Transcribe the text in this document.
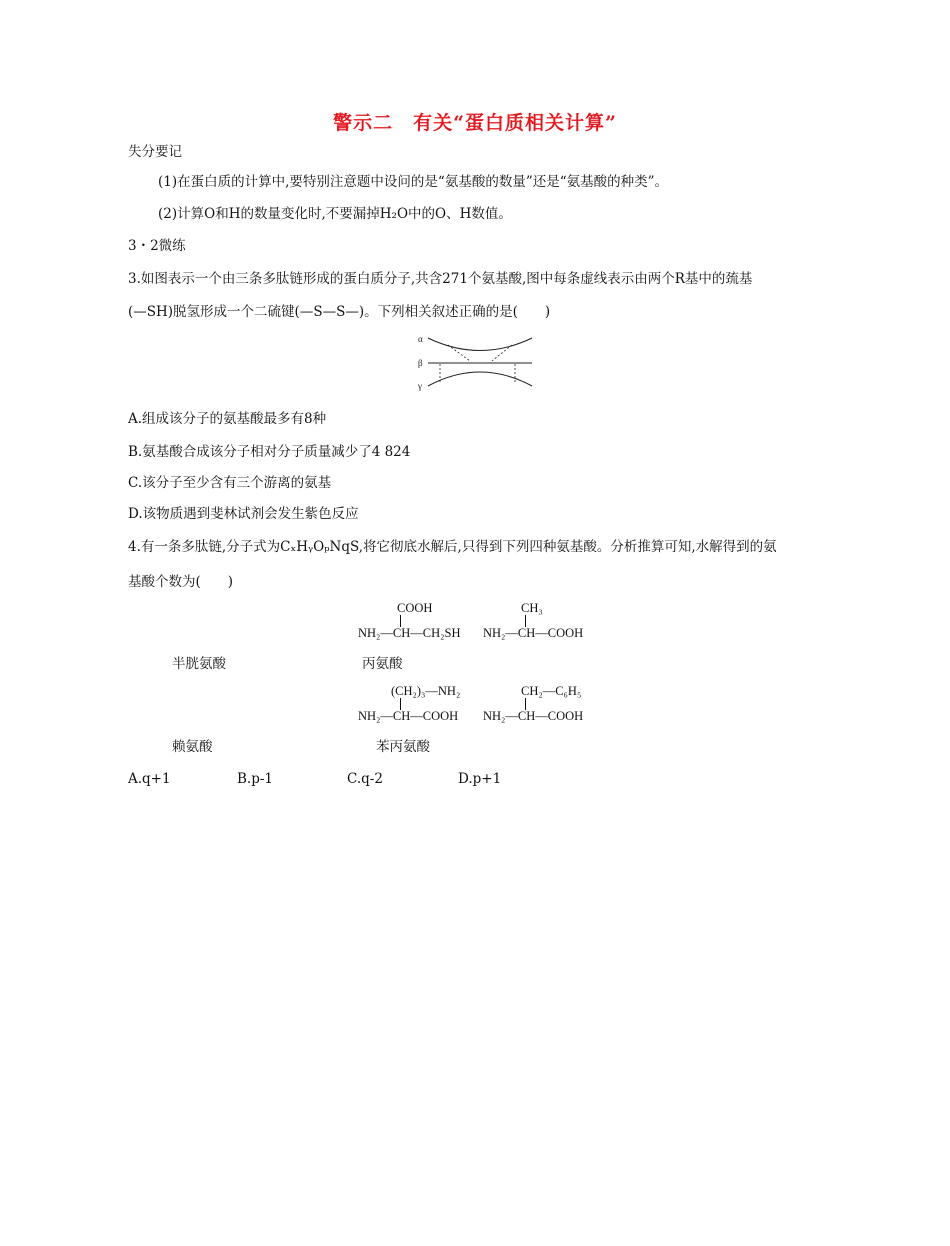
警示二　有关“蛋白质相关计算”
失分要记
(1)在蛋白质的计算中,要特别注意题中设问的是“氨基酸的数量”还是“氨基酸的种类”。
(2)计算O和H的数量变化时,不要漏掉H₂O中的O、H数值。
3・2微练
3.如图表示一个由三条多肽链形成的蛋白质分子,共含271个氨基酸,图中每条虚线表示由两个R基中的巯基
(—SH)脱氢形成一个二硫键(—S—S—)。下列相关叙述正确的是(　　)
α
β
γ
A.组成该分子的氨基酸最多有8种
B.氨基酸合成该分子相对分子质量减少了4 824
C.该分子至少含有三个游离的氨基
D.该物质遇到斐林试剂会发生紫色反应
4.有一条多肽链,分子式为CₓHᵧOₚNqS,将它彻底水解后,只得到下列四种氨基酸。分析推算可知,水解得到的氨
基酸个数为(　　)
COOH
NH₂—CH—CH₂SH
CH₃
NH₂—CH—COOH
半胱氨酸	丙氨酸
(CH₂)₃—NH₂
NH₂—CH—COOH
CH₂—C₆H₅
NH₂—CH—COOH
赖氨酸	苯丙氨酸
A.q+1	B.p-1	C.q-2	D.p+1
